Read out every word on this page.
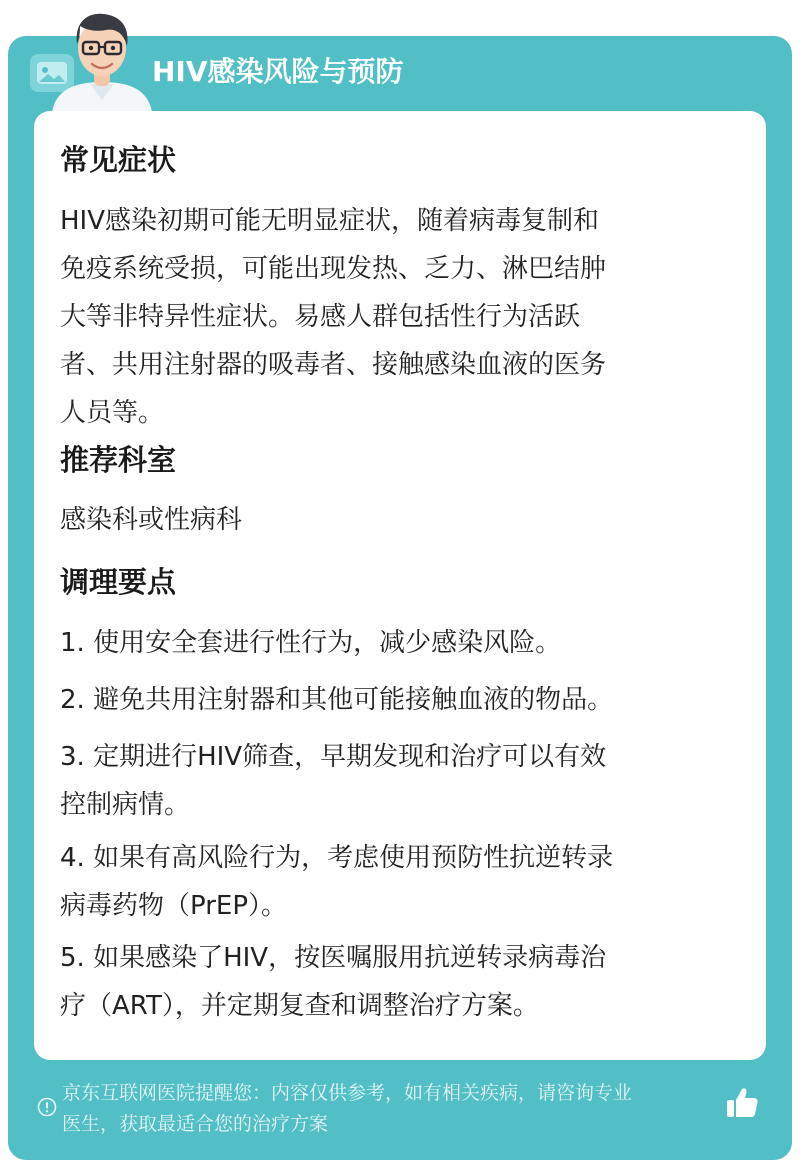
HIV感染风险与预防
常见症状
HIV感染初期可能无明显症状，随着病毒复制和
免疫系统受损，可能出现发热、乏力、淋巴结肿
大等非特异性症状。易感人群包括性行为活跃
者、共用注射器的吸毒者、接触感染血液的医务
人员等。
推荐科室
感染科或性病科
调理要点
1. 使用安全套进行性行为，减少感染风险。
2. 避免共用注射器和其他可能接触血液的物品。
3. 定期进行HIV筛查，早期发现和治疗可以有效
控制病情。
4. 如果有高风险行为，考虑使用预防性抗逆转录
病毒药物（PrEP）。
5. 如果感染了HIV，按医嘱服用抗逆转录病毒治
疗（ART），并定期复查和调整治疗方案。
京东互联网医院提醒您：内容仅供参考，如有相关疾病，请咨询专业
医生，获取最适合您的治疗方案
